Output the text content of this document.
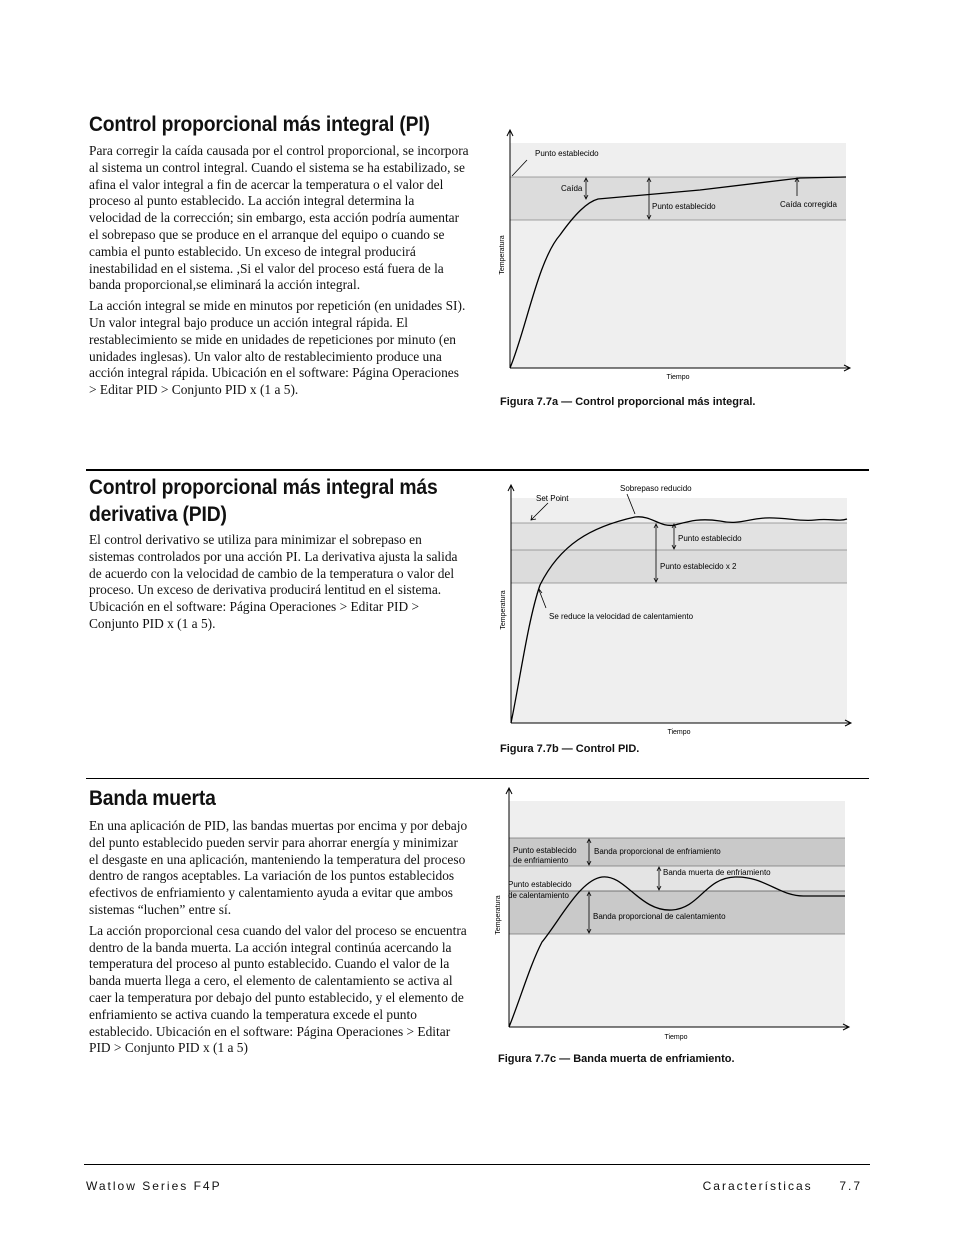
Control proporcional más integral (PI)

Para corregir la caída causada por el control proporcional, se incorpora al sistema un control integral. Cuando el sistema se ha estabilizado, se afina el valor integral a fin de acercar la temperatura o el valor del proceso al punto establecido. La acción integral determina la velocidad de la corrección; sin embargo, esta acción podría aumentar el sobrepaso que se produce en el arranque del equipo o cuando se cambia el punto establecido. Un exceso de integral producirá inestabilidad en el sistema. ,Si el valor del proceso está fuera de la banda proporcional,se eliminará la acción integral.

La acción integral se mide en minutos por repetición (en unidades SI). Un valor integral bajo produce un acción integral rápida. El restablecimiento se mide en unidades de repeticiones por minuto (en unidades inglesas). Un valor alto de restablecimiento produce una acción integral rápida. Ubicación en el software: Página Operaciones > Editar PID > Conjunto PID x (1 a 5).

Punto establecido
Caída
Punto establecido	Caída corregida
Temperatura
Tiempo
Figura 7.7a — Control proporcional más integral.
Control proporcional más integral más
derivativa (PID)

El control derivativo se utiliza para minimizar el sobrepaso en sistemas controlados por una acción PI. La derivativa ajusta la salida de acuerdo con la velocidad de cambio de la temperatura o valor del proceso. Un exceso de derivativa producirá lentitud en el sistema. Ubicación en el software: Página Operaciones > Editar PID > Conjunto PID x (1 a 5).

Set Point
Sobrepaso reducido
Punto establecido
Punto establecido x 2
Se reduce la velocidad de calentamiento
Temperatura
Tiempo
Figura 7.7b — Control PID.
Banda muerta

En una aplicación de PID, las bandas muertas por encima y por debajo del punto establecido pueden servir para ahorrar energía y minimizar el desgaste en una aplicación, manteniendo la temperatura del proceso dentro de rangos aceptables. La variación de los puntos establecidos efectivos de enfriamiento y calentamiento ayuda a evitar que ambos sistemas “luchen” entre sí.

La acción proporcional cesa cuando del valor del proceso se encuentra dentro de la banda muerta. La acción integral continúa acercando la temperatura del proceso al punto establecido. Cuando el valor de la banda muerta llega a cero, el elemento de calentamiento se activa al caer la temperatura por debajo del punto establecido, y el elemento de enfriamiento se activa cuando la temperatura excede el punto establecido. Ubicación en el software: Página Operaciones > Editar PID > Conjunto PID x (1 a 5)

Punto establecido
de enfriamiento
Banda proporcional de enfriamiento
Banda muerta de enfriamiento
Punto establecido
de calentamiento
Banda proporcional de calentamiento
Temperatura
Tiempo
Figura 7.7c — Banda muerta de enfriamiento.
Watlow Series F4P	Características     7.7
